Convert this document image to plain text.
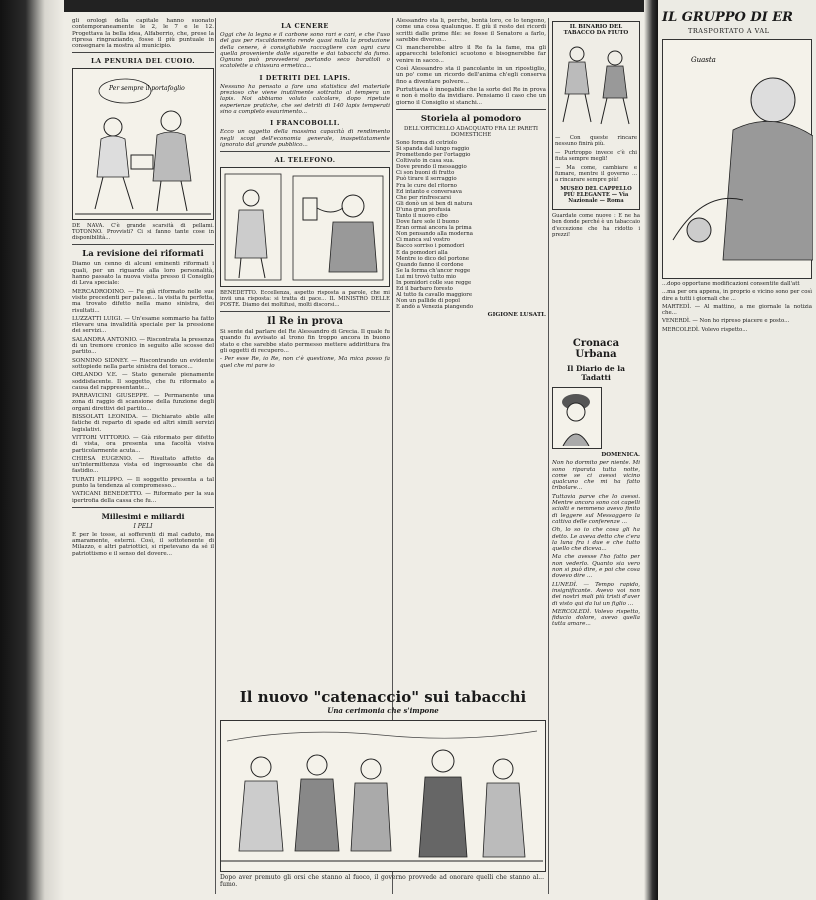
gli orologi della capitale hanno suonato contemporaneamente le 2, le 7 e le 12. Progettava la bella idea, Alfaberrio, che, prese la ripresa ringraziando, fosse il più puntuale in consegnare la mostra al municipio.

LA PENURIA DEL CUOIO.
Per sempre il portafoglio
DE NAVA. C'è grande scarsità di pellami. TOTONNO. Provvisti? Ci si fanno tante cose in disponibilità...
La revisione dei riformati

Diamo un cenno di alcuni eminenti riformati i quali, per un riguardo alla loro personalità, hanno passato la nuova visita presso il Consiglio di Leva speciale:

MERCADRODINO. — Fu già riformato nelle sue visite precedenti per palese... la visita fu perfetta, ma trovato difetto nella mano sinistra, dei risultati...

LUZZATTI LUIGI. — Un'esame sommario ha fatto rilevare una invalidità speciale per la pressione dei servizi...

SALANDRA ANTONIO. — Riscontrata la presenza di un tremore cronico in seguito alle scosse del partito...

SONNINO SIDNEY. — Riscontrando un evidente sottopiede nella parte sinistra del torace...

ORLANDO V.E. — Stato generale pienamente soddisfacente. Il soggetto, che fu riformato a causa del rappresentante...

PARRAVICINI GIUSEPPE. — Permanente una zona di raggio di scansione della funzione degli organi direttivi del partito...

BISSOLATI LEONIDA. — Dichiarato abile alle fatiche di reparto di spade ed altri simili servizi legislativi.

VITTORI VITTORIO. — Già riformato per difetto di vista, ora presenta una facoltà visiva particolarmente acuta...

CHIESA EUGENIO. — Risultato affetto da un'intermittenza vista ed ingrossante che dà fastidio...

TURATI FILIPPO. — Il soggetto presenta a tal punto la tendenza al compromesso...

VATICANI BENEDETTO. — Riformato per la sua ipertrofia della cassa che fu...

Millesimi e miliardi
I PELI

E per le tosse, ai sofferenti di mal caduto, ma amaramente, esterni. Così, il sottotenente di Milazzo, e altri patriottici, si ripetevano da sé il patriottismo e il senso del dovere...

LA CENERE

Oggi che la legna e il carbone sono rari e cari, e che l'uso del gas per riscaldamento rende quasi nulla la produzione della cenere, è consigliabile raccogliere con ogni cura quella proveniente dalle sigarette e dai tabacchi da fumo. Ognuno può provvedersi portando seco barattoli o scatolette a chiusura ermetica...

I DETRITI DEL LAPIS.

Nessuno ha pensato a fare una statistica del materiale prezioso che viene inutilmente sottratto al tempera un lapis. Noi abbiamo voluto calcolare, dopo ripetute esperienze pratiche, che sei detriti di 140 lapis temperati sino a completo esaurimento...

I FRANCOBOLLI.

Ecco un oggetto della massima capacità di rendimento negli scopi dell'economia generale, inaspettatamente ignorato dal grande pubblico...

AL TELEFONO.
BENEDETTO. Eccellenza, aspetto risposta a parole, che mi invii una risposta: si tratta di pace... IL MINISTRO DELLE POSTE. Diamo dei moltifusi, molti discorsi...
Il Re in prova

Si sente dal parlare del Re Alessandro di Grecia. Il quale fu quando fu avvisato al trono fin troppo ancora in buono stato e che sarebbe stato permesso mettere addirittura fra gli oggetti di recupero...

- Per esse Re, io Re, non c'è questione, Ma mica posso fa quel che mi pare io

Alessandro sta lì, perché, bontà loro, ce lo tengono, come una cosa qualunque. E giù il resto dei ricordi scritti dalle prime file: se fosse il Senatore a farlo, sarebbe diverso...

Ci mancherebbe altro il Re fa la fame, ma gli apparecchi telefonici scuotono e bisognerebbe far venire in sacco...

Così Alessandro sta il pancolante in un ripostiglio, un po' come un ricordo dell'anima ch'egli conserva fino a diventare polvere...

Purtuttavia è innegabile che la sorte del Re in prova e non è molto da invidiare. Pensiamo il caso che un giorno il Consiglio si stanchi...

Storiela al pomodoro
DELL'ORTICELLO ADACQUATO FRA LE PARETI DOMESTICHE

Sono forma di cetriolo

Si spanda dal lungo raggio

Promettendo per l'ortaggio

Coltivato in casa sua.

Dove prendo il messaggio

Ci son buoni di frutto

Può tirare il serraggio

Fra le cure del ritorno

Ed intanto e conversava

Che per rinfrescarsi

Gli donò un si ben di natura

D'una gran profusia

Tanto il nuovo cibo

Dove fare sole il buono

Eran ormai ancora la prima

Non pensando alla moderna

Ci manca sul vostro

Bacco sorriso i pomodori

E da pomodori alla

Mentre io dico del portone

Quando fanno il cordone

Se la forma ch'ancor regge

Lui mi trovò tutto mio

In pomidori colle sue regge

Ed il barbaro foresto

Al tutto fa cavallo maggiore

Non un pallide di popol

E andò a Venezia piangendo

GIGIONE LUSATI.
IL BINARIO DEL TABACCO DA FIUTO
— Con queste rincare nessuno finirà più.
— Purtroppo invece c'è chi fiuta sempre megli!
— Ma come, cambiare e fumare, mentre il governo ... a rincarare sempre più!
MUSEO DEL CAPPELLO PIÙ ELEGANTE — Via Nazionale — Roma

Guardate come nuove : E ne ha ben donde perché è un tabaccaio d'eccezione che ha ridotto i prezzi!

Cronaca Urbana
Il Diario de la Tadatti

DOMENICA.

Non ho dormito per niente. Mi sono riparata tutta notte, come se ci avessi vicino qualcuno che mi ha fatto tribolare...

Tuttavia parve che lo avessi. Mentre ancora sono coi capelli sciolti e nemmeno avevo finito di leggere sul Messaggero la cattiva delle conferenze ...

Oh, lo so io che cosa gli ha detto. Le aveva detto che c'era la luna fra i due e che tutto quello che diceva...

Ma che avesse l'ho fatto per non vederlo. Quanto sia vero non si può dire, e poi che cosa dovevo dire ...

LUNEDÌ. — Tempo rapido, insignificante. Avevo voi non dei nostri mali più tristi d'aver di visto qui da lui un figlio ...

MERCOLEDÌ. Volevo rispetto, fiducio dolore, avevo quella tutta amare...

Il nuovo "catenaccio" sui tabacchi
Una cerimonia che s'impone
Dopo aver premuto gli orsi che stanno al fuoco, il governo provvede ad onorare quelli che stanno al... fumo.
IL GRUPPO DI ER
TRASPORTATO A VAL
Guasta

...dopo opportune modificazioni consentite dall'att

...ma per ora appena, in proprio e vicino sono per così dire a tutti i giornali che ...

MARTEDÌ. — Al mattino, a me giornale la notizia che...

VENERDÌ. — Non ho ripreso piacere e posto...

MERCOLEDÌ. Volevo rispetto...
